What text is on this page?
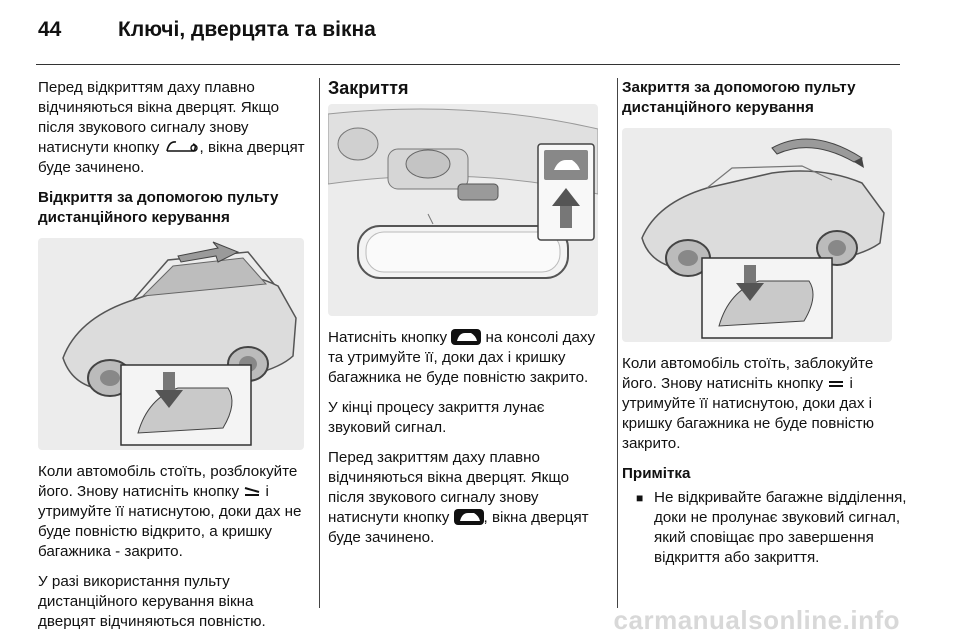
44	Ключі, дверцята та вікна

Перед відкриттям даху плавно відчиняються вікна дверцят. Якщо після звукового сигналу знову натиснути кнопку	, вікна дверцят буде зачинено.

Відкриття за допомогою пульту дистанційного керування

Коли автомобіль стоїть, розблокуйте його. Знову натисніть кнопку і утримуйте її натиснутою, доки дах не буде повністю відкрито, а кришку багажника - закрито.

У разі використання пульту дистанційного керування вікна дверцят відчиняються повністю.

Закриття

Натисніть кнопку	на консолі даху та утримуйте її, доки дах і кришку багажника не буде повністю закрито.

У кінці процесу закриття лунає звуковий сигнал.

Перед закриттям даху плавно відчиняються вікна дверцят. Якщо після звукового сигналу знову натиснути кнопку , вікна дверцят буде зачинено.

Закриття за допомогою пульту дистанційного керування

Коли автомобіль стоїть, заблокуйте його. Знову натисніть кнопку і утримуйте її натиснутою, доки дах і кришку багажника не буде повністю закрито.

Примітка
■ Не відкривайте багажне відділення, доки не пролунає звуковий сигнал, який сповіщає про завершення відкриття або закриття.
carmanualsonline.info
